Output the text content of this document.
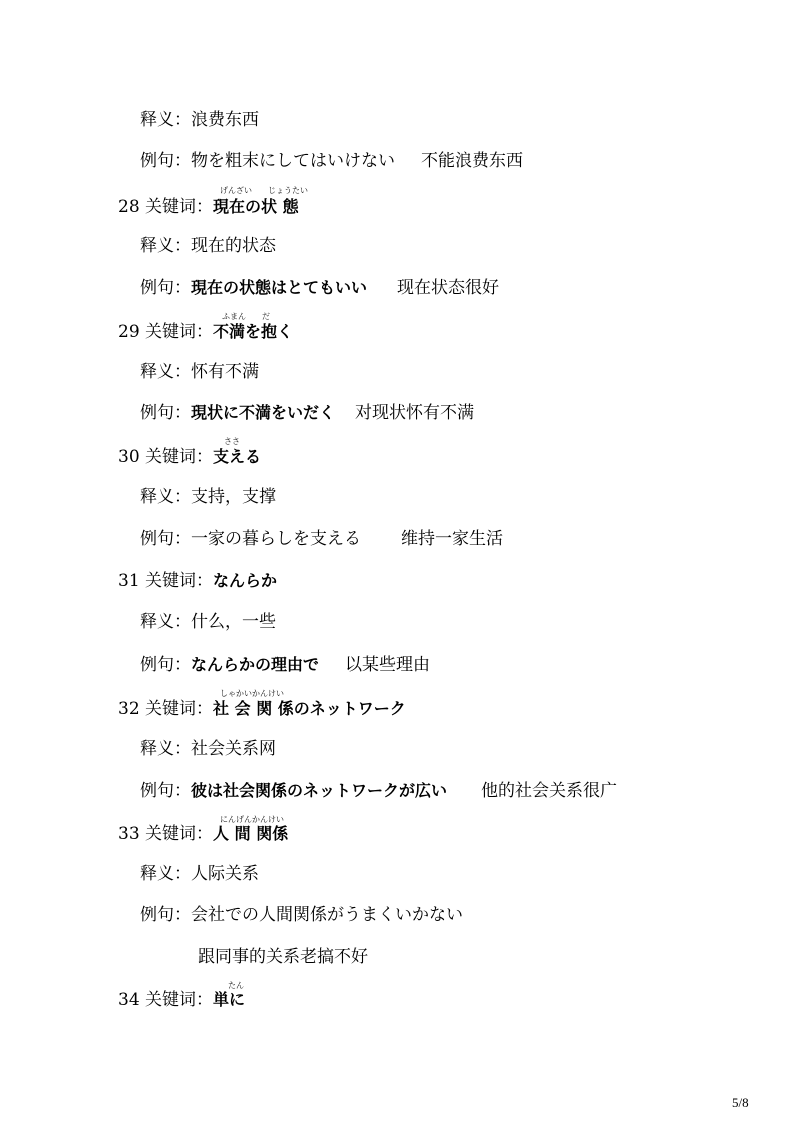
释义：浪费东西
例句：物を粗末にしてはいけない 不能浪费东西
げんざい　　じょうたい
28 关键词：現在の状 態
释义：现在的状态
例句：現在の状態はとてもいい 现在状态很好
ふまん　　だ
29 关键词：不満を抱く
释义：怀有不满
例句：現状に不満をいだく 对现状怀有不满
ささ
30 关键词：支える
释义：支持，支撑
例句：一家の暮らしを支える 维持一家生活
31 关键词：なんらか
释义：什么，一些
例句：なんらかの理由で 以某些理由
しゃかいかんけい
32 关键词：社 会 関 係のネットワーク
释义：社会关系网
例句：彼は社会関係のネットワークが広い 他的社会关系很广
にんげんかんけい
33 关键词：人 間 関係
释义：人际关系
例句：会社での人間関係がうまくいかない
跟同事的关系老搞不好
たん
34 关键词：単に
5/8
